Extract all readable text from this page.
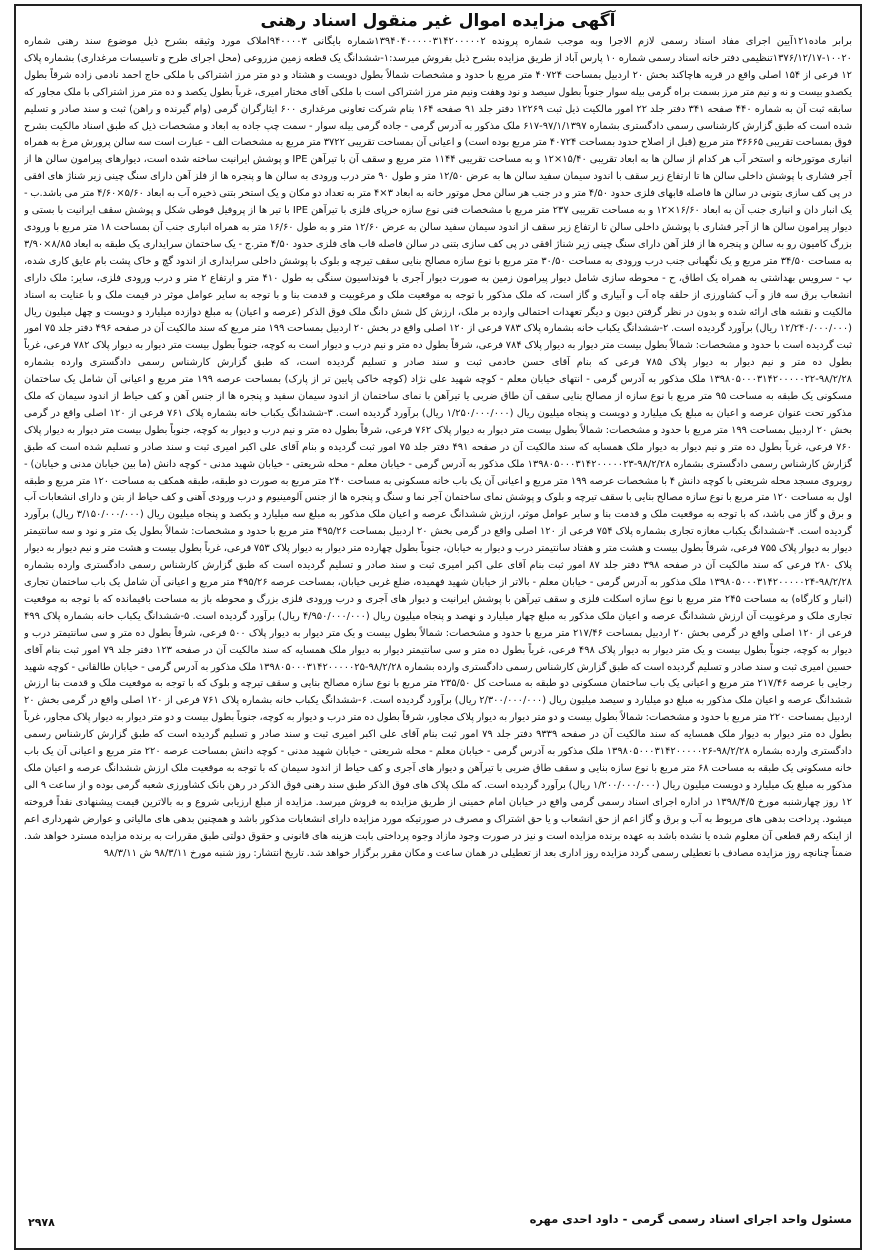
آگهی مزایده اموال غیر منقول اسناد رهنی

برابر ماده۱۲۱آیین اجرای مفاد اسناد رسمی لازم الاجرا وبه موجب شماره پرونده ۱۳۹۴۰۴۰۰۰۰۰۳۱۴۲۰۰۰۰۰۲شماره بایگانی ۹۴۰۰۰۰۳املاک مورد وثیقه بشرح ذیل موضوع سند رهنی شماره ۱۰۰۲۰-۱۳۷۶/۱۲/۱۷تنظیمی دفتر خانه اسناد رسمی شماره ۱۰ پارس آباد از طریق مزایده بشرح ذیل بفروش میرسد:۱-ششدانگ یک قطعه زمین مزروعی (محل اجرای طرح و تاسیسات مرغداری) بشماره پلاک ۱۲ فرعی از ۱۵۴ اصلی واقع در قریه هاچاکند بخش ۲۰ اردبیل بمساحت ۴۰۷۲۴ متر مربع با حدود و مشخصات شمالاً بطول دویست و هشتاد و دو متر مرز اشتراکی با ملکی حاج احمد نادمی زاده شرقاً بطول یکصدو بیست و نه و نیم متر مرز بسمت براه گرمی بیله سوار جنوباً بطول سیصد و نود وهفت ونیم متر مرز اشتراکی است با ملکی آقای مختار امیری، غرباً بطول یکصد و ده متر مرز اشتراکی با ملک مجاور که سابقه ثبت آن به شماره ۴۴۰ صفحه ۳۴۱ دفتر جلد ۲۲ امور مالکیت ذیل ثبت ۱۲۲۶۹ دفتر جلد ۹۱ صفحه ۱۶۴ بنام شرکت تعاونی مرغداری ۶۰۰ ایثارگران گرمی (وام گیرنده و راهن) ثبت و سند صادر و تسلیم شده است که طبق گزارش کارشناسی رسمی دادگستری بشماره ۹۷/۱/۱۳۹۷-۶۱۷ ملک مذکور به آدرس گرمی - جاده گرمی بیله سوار - سمت چپ جاده به ابعاد و مشخصات ذیل که طبق اسناد مالکیت بشرح فوق بمساحت تقریبی ۳۶۶۶۵ متر مربع (قبل از اصلاح حدود بمساحت ۴۰۷۲۴ متر مربع بوده است) و اعیانی آن بمساحت تقریبی ۳۷۲۲ متر مربع به مشخصات الف - عبارت است سه سالن پرورش مرغ به همراه انباری موتورخانه و استخر آب هر کدام از سالن ها به ابعاد تقریبی ۱۵/۴۰×۱۲ و به مساحت تقریبی ۱۱۴۴ متر مربع و سقف آن با تیرآهن IPE و پوشش ایرانیت ساخته شده است، دیوارهای پیرامون سالن ها از آجر فشاری با پوشش داخلی سالن ها تا ارتفاع زیر سقف با اندود سیمان سفید سالن ها به عرض ۱۲/۵۰ متر و طول ۹۰ متر درب ورودی به سالن ها و پنجره ها از فلز آهن دارای سنگ چینی زیر شناژ های افقی در پی کف سازی بتونی در سالن ها فاصله قابهای فلزی حدود ۴/۵۰ متر و در جنب هر سالن محل موتور خانه به ابعاد ۳×۴ متر به تعداد دو مکان و یک استخر بتنی ذخیره آب به ابعاد ۵/۶۰×۴/۶۰ متر می باشد.ب - یک انبار دان و انباری جنب آن به ابعاد ۱۶/۶۰×۱۲ و به مساحت تقریبی ۲۳۷ متر مربع با مشخصات فنی نوع سازه خرپای فلزی با تیرآهن IPE با تیر ها از پروفیل قوطی شکل و پوشش سقف ایرانیت با بستی و دیوار پیرامون سالن ها از آجر فشاری با پوشش داخلی سالن تا ارتفاع زیر سقف از اندود سیمان سفید سالن به عرض ۱۲/۶۰ متر و به طول ۱۶/۶۰ متر به همراه انباری جنب آن بمساحت ۱۸ متر مربع با ورودی بزرگ کامیون رو به سالن و پنجره ها از فلز آهن دارای سنگ چینی زیر شناژ افقی در پی کف سازی بتنی در سالن فاصله قاب های فلزی حدود ۴/۵۰ متر.ج - یک ساختمان سرایداری یک طبقه به ابعاد ۸/۸۵×۳/۹۰ به مساحت ۳۴/۵۰ متر مربع و یک نگهبانی جنب درب ورودی به مساحت ۳۰/۵۰ متر مربع با نوع سازه مصالح بنایی سقف تیرچه و بلوک با پوشش داخلی سرایداری از اندود گچ و خاک پشت بام عایق کاری شده، پ - سرویس بهداشتی به همراه یک اطاق، ح - محوطه سازی شامل دیوار پیرامون زمین به صورت دیوار آجری با فونداسیون سنگی به طول ۴۱۰ متر و ارتفاع ۲ متر و درب ورودی فلزی، سایر: ملک دارای انشعاب برق سه فاز و آب کشاورزی از حلقه چاه آب و آبیاری و گاز است، که ملک مذکور با توجه به موقعیت ملک و مرغوبیت و قدمت بنا و با توجه به سایر عوامل موثر در قیمت ملک و با عنایت به اسناد مالکیت و نقشه های ارائه شده و بدون در نظر گرفتن دیون و دیگر تعهدات احتمالی وارده بر ملک، ارزش کل شش دانگ ملک فوق الذکر (عرصه و اعیان) به مبلغ دوازده میلیارد و دویست و چهل میلیون ریال (۱۲/۲۴۰/۰۰۰/۰۰۰ ریال) برآورد گردیده است. ۲-ششدانگ یکباب خانه بشماره پلاک ۷۸۳ فرعی از ۱۲۰ اصلی واقع در بخش ۲۰ اردبیل بمساحت ۱۹۹ متر مربع که سند مالکیت آن در صفحه ۴۹۶ دفتر جلد ۷۵ امور ثبت گردیده است با حدود و مشخصات: شمالاً بطول بیست متر دیوار به دیوار پلاک ۷۸۴ فرعی، شرقاً بطول ده متر و نیم درب و دیوار است به کوچه، جنوباً بطول بیست متر دیوار به دیوار پلاک ۷۸۲ فرعی، غرباً بطول ده متر و نیم دیوار به دیوار پلاک ۷۸۵ فرعی که بنام آقای حسن خادمی ثبت و سند صادر و تسلیم گردیده است، که طبق گزارش کارشناس رسمی دادگستری وارده بشماره ۹۸/۲/۲۸-۱۳۹۸۰۵۰۰۰۳۱۴۲۰۰۰۰۰۲۲ ملک مذکور به آدرس گرمی - انتهای خیابان معلم - کوچه شهید علی نژاد (کوچه خاکی پایین تر از پارک) بمساحت عرصه ۱۹۹ متر مربع و اعیانی آن شامل یک ساختمان مسکونی یک طبقه به مساحت ۹۵ متر مربع با نوع سازه از مصالح بنایی سقف آن طاق ضربی یا تیرآهن با نمای ساختمان از اندود سیمان سفید و پنجره ها از جنس آهن و کف حیاط از اندود سیمان که ملک مذکور تحت عنوان عرصه و اعیان به مبلغ یک میلیارد و دویست و پنجاه میلیون ریال (۱/۲۵۰/۰۰۰/۰۰۰ ریال) برآورد گردیده است. ۳-ششدانگ یکباب خانه بشماره پلاک ۷۶۱ فرعی از ۱۲۰ اصلی واقع در گرمی بخش ۲۰ اردبیل بمساحت ۱۹۹ متر مربع با حدود و مشخصات: شمالاً بطول بیست متر دیوار به دیوار پلاک ۷۶۲ فرعی، شرقاً بطول ده متر و نیم درب و دیوار به کوچه، جنوباً بطول بیست متر دیوار به دیوار پلاک ۷۶۰ فرعی، غرباً بطول ده متر و نیم دیوار به دیوار ملک همسایه که سند مالکیت آن در صفحه ۴۹۱ دفتر جلد ۷۵ امور ثبت گردیده و بنام آقای علی اکبر امیری ثبت و سند صادر و تسلیم شده است که طبق گزارش کارشناس رسمی دادگستری بشماره ۹۸/۲/۲۸-۱۳۹۸۰۵۰۰۰۳۱۴۲۰۰۰۰۰۲۳ ملک مذکور به آدرس گرمی - خیابان معلم - محله شریعتی - خیابان شهید مدنی - کوچه دانش (ما بین خیابان مدنی و خیابان) - روبروی مسجد محله شریعتی با کوچه دانش ۴ با مشخصات عرصه ۱۹۹ متر مربع و اعیانی آن یک باب خانه مسکونی به مساحت ۲۴۰ متر مربع به صورت دو طبقه، طبقه همکف به مساحت ۱۲۰ متر مربع و طبقه اول به مساحت ۱۲۰ متر مربع با نوع سازه مصالح بنایی با سقف تیرچه و بلوک و پوشش نمای ساختمان آجر نما و سنگ و پنجره ها از جنس آلومینیوم و درب ورودی آهنی و کف حیاط از بتن و دارای انشعابات آب و برق و گاز می باشد، که با توجه به موقعیت ملک و قدمت بنا و سایر عوامل موثر، ارزش ششدانگ عرصه و اعیان ملک مذکور به مبلغ سه میلیارد و یکصد و پنجاه میلیون ریال (۳/۱۵۰/۰۰۰/۰۰۰ ریال) برآورد گردیده است. ۴-ششدانگ یکباب مغازه تجاری بشماره پلاک ۷۵۴ فرعی از ۱۲۰ اصلی واقع در گرمی بخش ۲۰ اردبیل بمساحت ۴۹۵/۲۶ متر مربع با حدود و مشخصات: شمالاً بطول یک متر و نود و سه سانتیمتر دیوار به دیوار پلاک ۷۵۵ فرعی، شرقاً بطول بیست و هشت متر و هفتاد سانتیمتر درب و دیوار به خیابان، جنوباً بطول چهارده متر دیوار به دیوار پلاک ۷۵۳ فرعی، غرباً بطول بیست و هشت متر و نیم دیوار به دیوار پلاک ۲۸۰ فرعی که سند مالکیت آن در صفحه ۳۹۸ دفتر جلد ۸۷ امور ثبت بنام آقای علی اکبر امیری ثبت و سند صادر و تسلیم گردیده است که طبق گزارش کارشناس رسمی دادگستری وارده بشماره ۹۸/۲/۲۸-۱۳۹۸۰۵۰۰۰۳۱۴۲۰۰۰۰۰۲۴ ملک مذکور به آدرس گرمی - خیابان معلم - بالاتر از خیابان شهید فهمیده، ضلع غربی خیابان، بمساحت عرصه ۴۹۵/۲۶ متر مربع و اعیانی آن شامل یک باب ساختمان تجاری (انبار و کارگاه) به مساحت ۲۴۵ متر مربع با نوع سازه اسکلت فلزی و سقف تیرآهن با پوشش ایرانیت و دیوار های آجری و درب ورودی فلزی بزرگ و محوطه باز به مساحت باقیمانده که با توجه به موقعیت تجاری ملک و مرغوبیت آن ارزش ششدانگ عرصه و اعیان ملک مذکور به مبلغ چهار میلیارد و نهصد و پنجاه میلیون ریال (۴/۹۵۰/۰۰۰/۰۰۰ ریال) برآورد گردیده است. ۵-ششدانگ یکباب خانه بشماره پلاک ۴۹۹ فرعی از ۱۲۰ اصلی واقع در گرمی بخش ۲۰ اردبیل بمساحت ۲۱۷/۴۶ متر مربع با حدود و مشخصات: شمالاً بطول بیست و یک متر دیوار به دیوار پلاک ۵۰۰ فرعی، شرقاً بطول ده متر و سی سانتیمتر درب و دیوار به کوچه، جنوباً بطول بیست و یک متر دیوار به دیوار پلاک ۴۹۸ فرعی، غرباً بطول ده متر و سی سانتیمتر دیوار به دیوار ملک همسایه که سند مالکیت آن در صفحه ۱۲۳ دفتر جلد ۷۹ امور ثبت بنام آقای حسین امیری ثبت و سند صادر و تسلیم گردیده است که طبق گزارش کارشناس رسمی دادگستری وارده بشماره ۹۸/۲/۲۸-۱۳۹۸۰۵۰۰۰۳۱۴۲۰۰۰۰۰۲۵ ملک مذکور به آدرس گرمی - خیابان طالقانی - کوچه شهید رجایی با عرصه ۲۱۷/۴۶ متر مربع و اعیانی یک باب ساختمان مسکونی دو طبقه به مساحت کل ۲۳۵/۵۰ متر مربع با نوع سازه مصالح بنایی و سقف تیرچه و بلوک که با توجه به موقعیت ملک و قدمت بنا ارزش ششدانگ عرصه و اعیان ملک مذکور به مبلغ دو میلیارد و سیصد میلیون ریال (۲/۳۰۰/۰۰۰/۰۰۰ ریال) برآورد گردیده است. ۶-ششدانگ یکباب خانه بشماره پلاک ۷۶۱ فرعی از ۱۲۰ اصلی واقع در گرمی بخش ۲۰ اردبیل بمساحت ۲۲۰ متر مربع با حدود و مشخصات: شمالاً بطول بیست و دو متر دیوار به دیوار پلاک مجاور، شرقاً بطول ده متر درب و دیوار به کوچه، جنوباً بطول بیست و دو متر دیوار به دیوار پلاک مجاور، غرباً بطول ده متر دیوار به دیوار ملک همسایه که سند مالکیت آن در صفحه ۹۳۳۹ دفتر جلد ۷۹ امور ثبت بنام آقای علی اکبر امیری ثبت و سند صادر و تسلیم گردیده است که طبق گزارش کارشناس رسمی دادگستری وارده بشماره ۹۸/۲/۲۸-۱۳۹۸۰۵۰۰۰۳۱۴۲۰۰۰۰۰۲۶ ملک مذکور به آدرس گرمی - خیابان معلم - محله شریعتی - خیابان شهید مدنی - کوچه دانش بمساحت عرصه ۲۲۰ متر مربع و اعیانی آن یک باب خانه مسکونی یک طبقه به مساحت ۶۸ متر مربع با نوع سازه بنایی و سقف طاق ضربی با تیرآهن و دیوار های آجری و کف حیاط از اندود سیمان که با توجه به موقعیت ملک ارزش ششدانگ عرصه و اعیان ملک مذکور به مبلغ یک میلیارد و دویست میلیون ریال (۱/۲۰۰/۰۰۰/۰۰۰ ریال) برآورد گردیده است. که ملک پلاک های فوق الذکر طبق سند رهنی فوق الذکر در رهن بانک کشاورزی شعبه گرمی بوده و از ساعت ۹ الی ۱۲ روز چهارشنبه مورخ ۱۳۹۸/۴/۵ در اداره اجرای اسناد رسمی گرمی واقع در خیابان امام خمینی از طریق مزایده به فروش میرسد. مزایده از مبلغ ارزیابی شروع و به بالاترین قیمت پیشنهادی نقداً فروخته میشود. پرداخت بدهی های مربوط به آب و برق و گاز اعم از حق انشعاب و یا حق اشتراک و مصرف در صورتیکه مورد مزایده دارای انشعابات مذکور باشد و همچنین بدهی های مالیاتی و عوارض شهرداری اعم از اینکه رقم قطعی آن معلوم شده یا نشده باشد به عهده برنده مزایده است و نیز در صورت وجود مازاد وجوه پرداختی بابت هزینه های قانونی و حقوق دولتی طبق مقررات به برنده مزایده مسترد خواهد شد. ضمناً چنانچه روز مزایده مصادف با تعطیلی رسمی گردد مزایده روز اداری بعد از تعطیلی در همان ساعت و مکان مقرر برگزار خواهد شد. تاریخ انتشار: روز شنبه مورخ ۹۸/۳/۱۱ ش ۹۸/۳/۱۱

مسئول واحد اجرای اسناد رسمی گرمی - داود احدی مهره
۲۹۷۸
